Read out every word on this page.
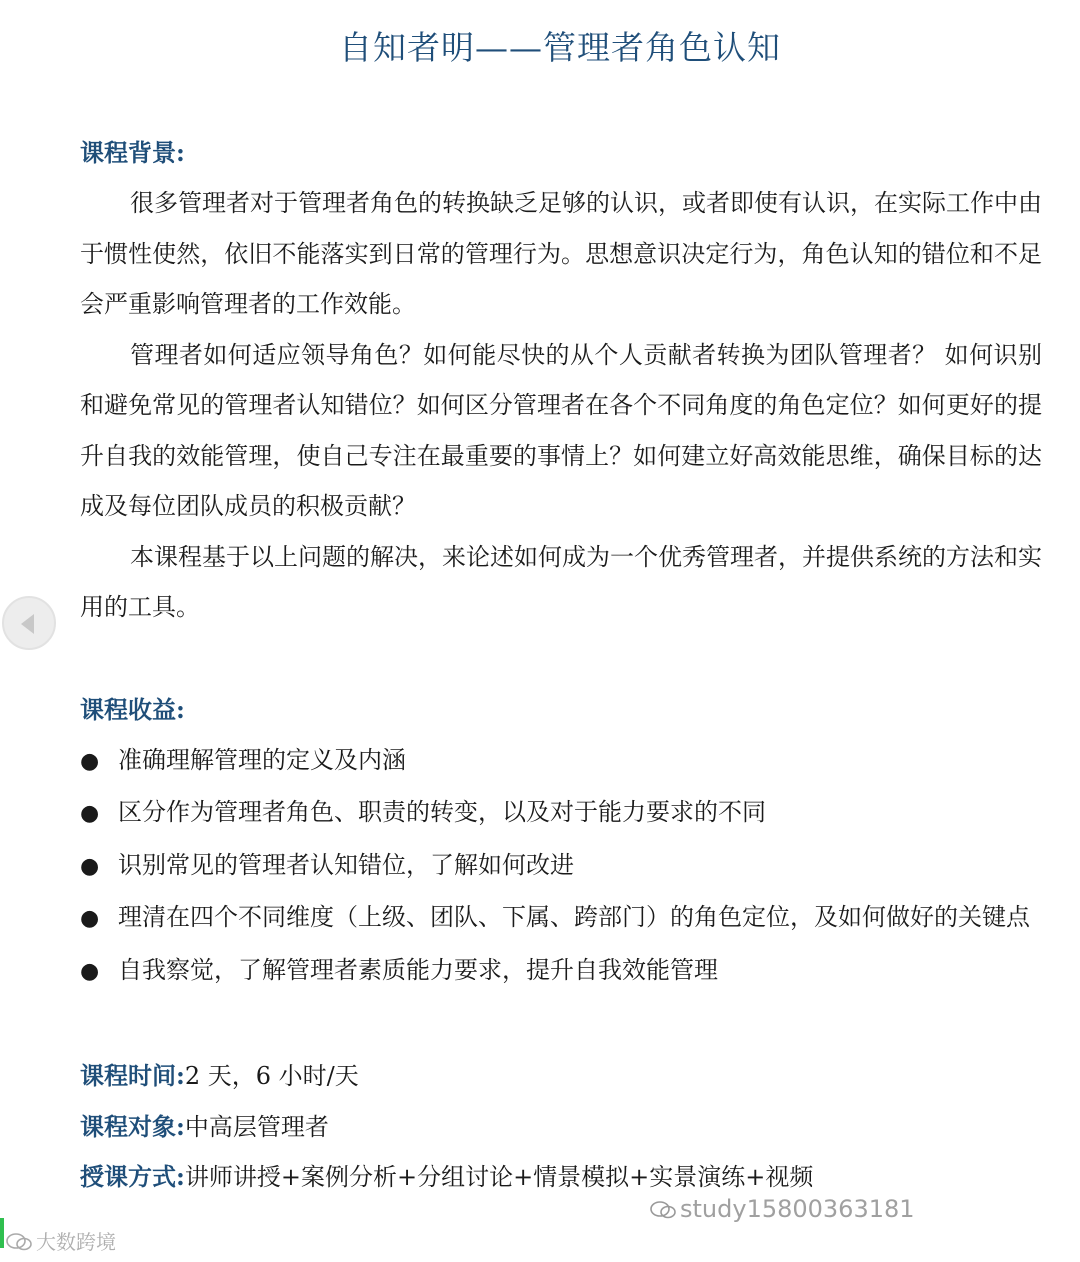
自知者明——管理者角色认知
课程背景:

很多管理者对于管理者角色的转换缺乏足够的认识，或者即使有认识，在实际工作中由于惯性使然，依旧不能落实到日常的管理行为。思想意识决定行为，角色认知的错位和不足会严重影响管理者的工作效能。

管理者如何适应领导角色？如何能尽快的从个人贡献者转换为团队管理者？ 如何识别和避免常见的管理者认知错位？如何区分管理者在各个不同角度的角色定位？如何更好的提升自我的效能管理，使自己专注在最重要的事情上？如何建立好高效能思维，确保目标的达成及每位团队成员的积极贡献？

本课程基于以上问题的解决，来论述如何成为一个优秀管理者，并提供系统的方法和实用的工具。

课程收益:
● 准确理解管理的定义及内涵
● 区分作为管理者角色、职责的转变，以及对于能力要求的不同
● 识别常见的管理者认知错位，了解如何改进
● 理清在四个不同维度（上级、团队、下属、跨部门）的角色定位，及如何做好的关键点
● 自我察觉，了解管理者素质能力要求，提升自我效能管理
课程时间:2 天，6 小时/天
课程对象:中高层管理者
授课方式:讲师讲授+案例分析+分组讨论+情景模拟+实景演练+视频
大数跨境
study15800363181
